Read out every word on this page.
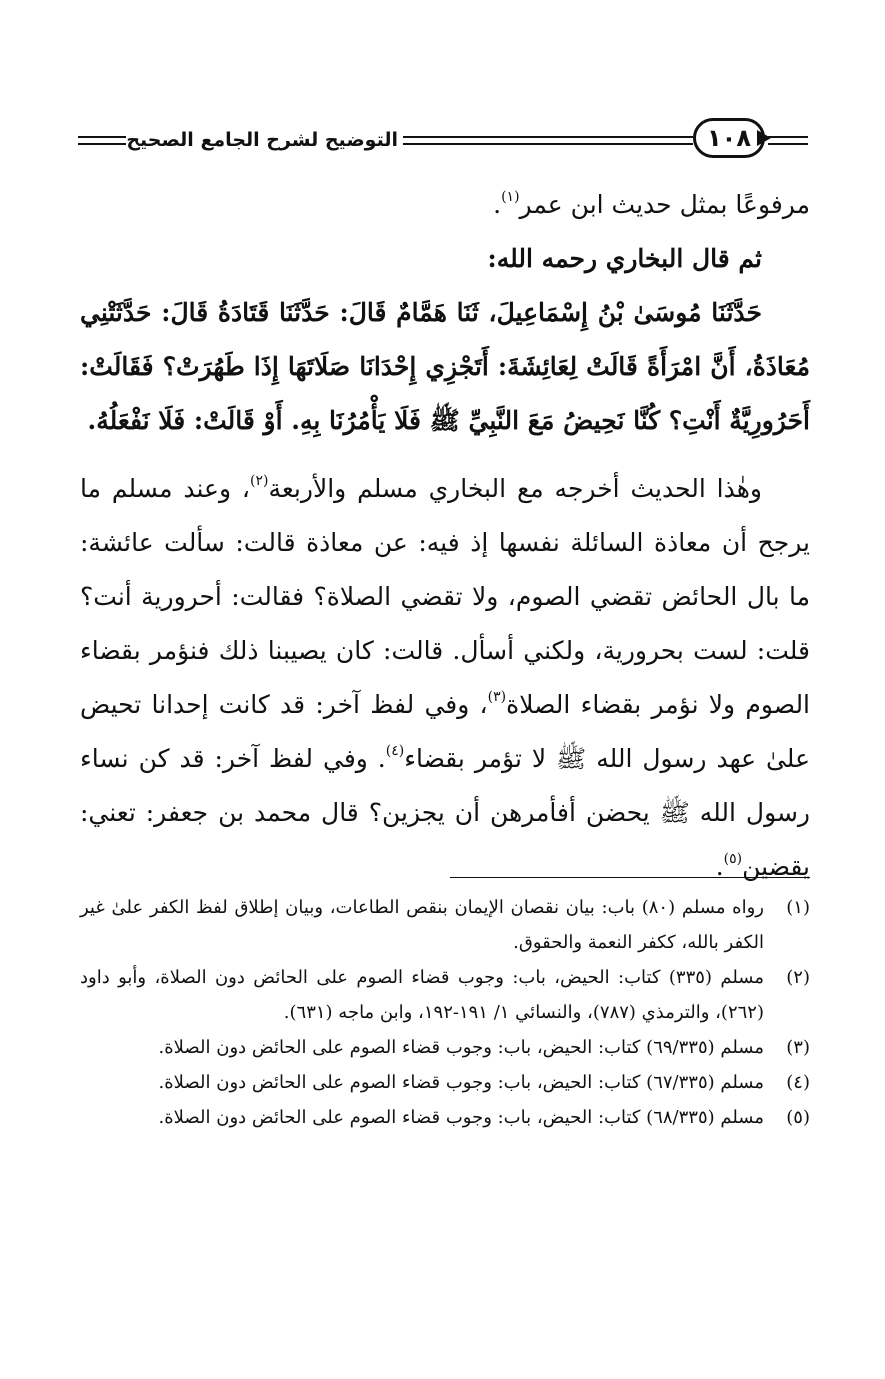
التوضيح لشرح الجامع الصحيح	١٠٨

مرفوعًا بمثل حديث ابن عمر$^{(١)}$.

ثم قال البخاري رحمه الله:

حَدَّثَنَا مُوسَىٰ بْنُ إِسْمَاعِيلَ، ثَنَا هَمَّامٌ قَالَ: حَدَّثَنَا قَتَادَةُ قَالَ: حَدَّثَتْنِي مُعَاذَةُ، أَنَّ امْرَأَةً قَالَتْ لِعَائِشَةَ: أَتَجْزِي إِحْدَانَا صَلَاتَهَا إِذَا طَهُرَتْ؟ فَقَالَتْ: أَحَرُورِيَّةٌ أَنْتِ؟ كُنَّا نَحِيضُ مَعَ النَّبِيِّ ﷺ فَلَا يَأْمُرُنَا بِهِ. أَوْ قَالَتْ: فَلَا نَفْعَلُهُ.

وهٰذا الحديث أخرجه مع البخاري مسلم والأربعة$^{(٢)}$، وعند مسلم ما يرجح أن معاذة السائلة نفسها إذ فيه: عن معاذة قالت: سألت عائشة: ما بال الحائض تقضي الصوم، ولا تقضي الصلاة؟ فقالت: أحرورية أنت؟ قلت: لست بحرورية، ولكني أسأل. قالت: كان يصيبنا ذلك فنؤمر بقضاء الصوم ولا نؤمر بقضاء الصلاة$^{(٣)}$، وفي لفظ آخر: قد كانت إحدانا تحيض علىٰ عهد رسول الله ﷺ لا تؤمر بقضاء$^{(٤)}$. وفي لفظ آخر: قد كن نساء رسول الله ﷺ يحضن أفأمرهن أن يجزين؟ قال محمد بن جعفر: تعني: يقضين$^{(٥)}$.

(١)
رواه مسلم (٨٠) باب: بيان نقصان الإيمان بنقص الطاعات، وبيان إطلاق لفظ الكفر علىٰ غير الكفر بالله، ككفر النعمة والحقوق.
(٢)
مسلم (٣٣٥) كتاب: الحيض، باب: وجوب قضاء الصوم على الحائض دون الصلاة، وأبو داود (٢٦٢)، والترمذي (٧٨٧)، والنسائي ١/ ١٩١-١٩٢، وابن ماجه (٦٣١).
(٣)
مسلم (٦٩/٣٣٥) كتاب: الحيض، باب: وجوب قضاء الصوم على الحائض دون الصلاة.
(٤)
مسلم (٦٧/٣٣٥) كتاب: الحيض، باب: وجوب قضاء الصوم على الحائض دون الصلاة.
(٥)
مسلم (٦٨/٣٣٥) كتاب: الحيض، باب: وجوب قضاء الصوم على الحائض دون الصلاة.
